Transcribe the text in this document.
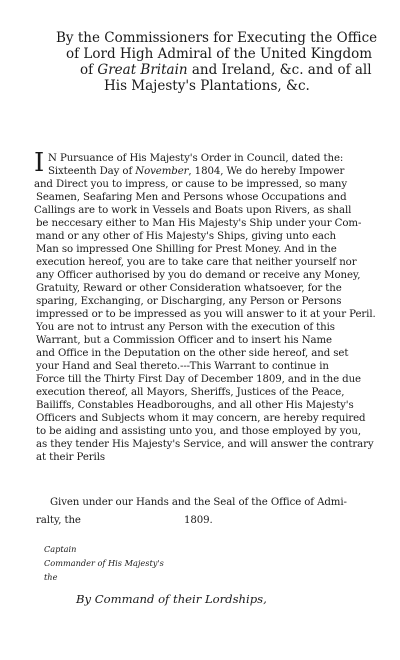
By the Commissioners for Executing the Office
of Lord High Admiral of the United Kingdom
of Great Britain and Ireland, &c. and of all
His Majesty's Plantations, &c.
I N Pursuance of His Majesty's Order in Council, dated the:
Sixteenth Day of November, 1804, We do hereby Impower
and Direct you to impress, or cause to be impressed, so many
Seamen, Seafaring Men and Persons whose Occupations and
Callings are to work in Vessels and Boats upon Rivers, as shall
be neccesary either to Man His Majesty's Ship under your Com-
mand or any other of His Majesty's Ships, giving unto each
Man so impressed One Shilling for Prest Money. And in the
execution hereof, you are to take care that neither yourself nor
any Officer authorised by you do demand or receive any Money,
Gratuity, Reward or other Consideration whatsoever, for the
sparing, Exchanging, or Discharging, any Person or Persons
impressed or to be impressed as you will answer to it at your Peril.
You are not to intrust any Person with the execution of this
Warrant, but a Commission Officer and to insert his Name
and Office in the Deputation on the other side hereof, and set
your Hand and Seal thereto.---This Warrant to continue in
Force till the Thirty First Day of December 1809, and in the due
execution thereof, all Mayors, Sheriffs, Justices of the Peace,
Bailiffs, Constables Headboroughs, and all other His Majesty's
Officers and Subjects whom it may concern, are hereby required
to be aiding and assisting unto you, and those employed by you,
as they tender His Majesty's Service, and will answer the contrary
at their Perils
Given under our Hands and the Seal of the Office of Admi-
ralty, the	1809.
Captain
Commander of His Majesty's
the
By Command of their Lordships,
